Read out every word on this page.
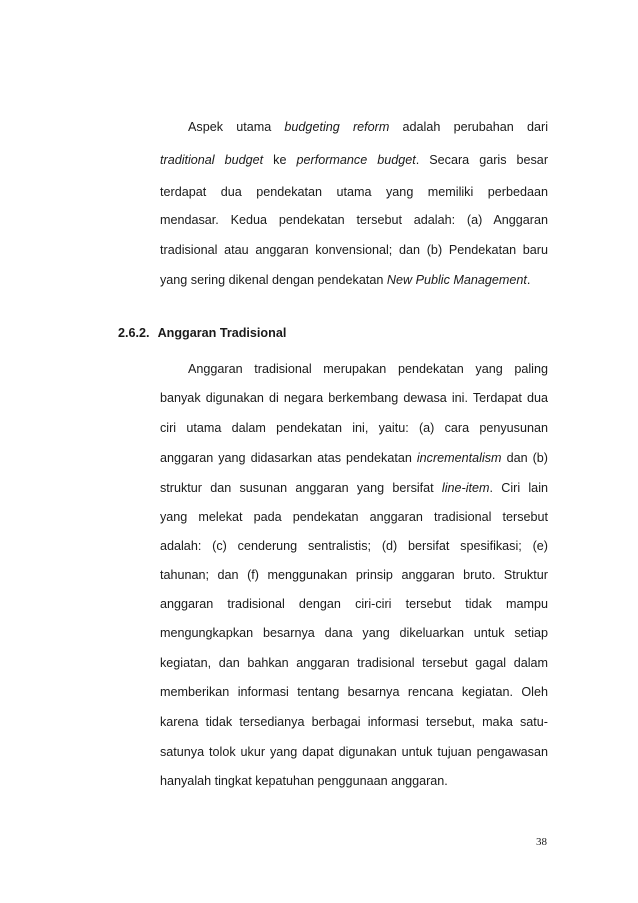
Aspek utama budgeting reform adalah perubahan dari
traditional budget ke performance budget. Secara garis besar
terdapat dua pendekatan utama yang memiliki perbedaan
mendasar. Kedua pendekatan tersebut adalah: (a) Anggaran
tradisional atau anggaran konvensional; dan (b) Pendekatan baru
yang sering dikenal dengan pendekatan New Public Management.
2.6.2. Anggaran Tradisional
Anggaran tradisional merupakan pendekatan yang paling
banyak digunakan di negara berkembang dewasa ini. Terdapat dua
ciri utama dalam pendekatan ini, yaitu: (a) cara penyusunan
anggaran yang didasarkan atas pendekatan incrementalism dan (b)
struktur dan susunan anggaran yang bersifat line-item. Ciri lain
yang melekat pada pendekatan anggaran tradisional tersebut
adalah: (c) cenderung sentralistis; (d) bersifat spesifikasi; (e)
tahunan; dan (f) menggunakan prinsip anggaran bruto. Struktur
anggaran tradisional dengan ciri-ciri tersebut tidak mampu
mengungkapkan besarnya dana yang dikeluarkan untuk setiap
kegiatan, dan bahkan anggaran tradisional tersebut gagal dalam
memberikan informasi tentang besarnya rencana kegiatan. Oleh
karena tidak tersedianya berbagai informasi tersebut, maka satu-
satunya tolok ukur yang dapat digunakan untuk tujuan pengawasan
hanyalah tingkat kepatuhan penggunaan anggaran.
38
